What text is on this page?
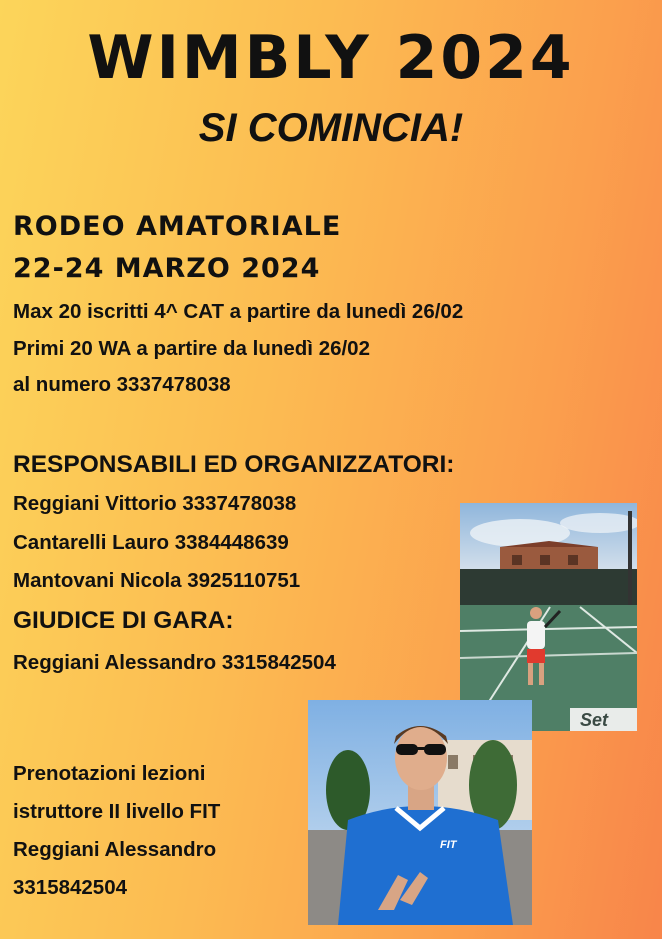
WIMBLY 2024
SI COMINCIA!
RODEO AMATORIALE
22-24 MARZO 2024
Max 20 iscritti 4^ CAT a partire da lunedì 26/02
Primi 20 WA a partire da lunedì 26/02
al numero 3337478038
RESPONSABILI ED ORGANIZZATORI:
Reggiani Vittorio 3337478038
Cantarelli Lauro 3384448639
Mantovani Nicola 3925110751
GIUDICE DI GARA:
Reggiani Alessandro 3315842504
Prenotazioni lezioni
istruttore II livello FIT
Reggiani Alessandro
3315842504
Set
FIT
